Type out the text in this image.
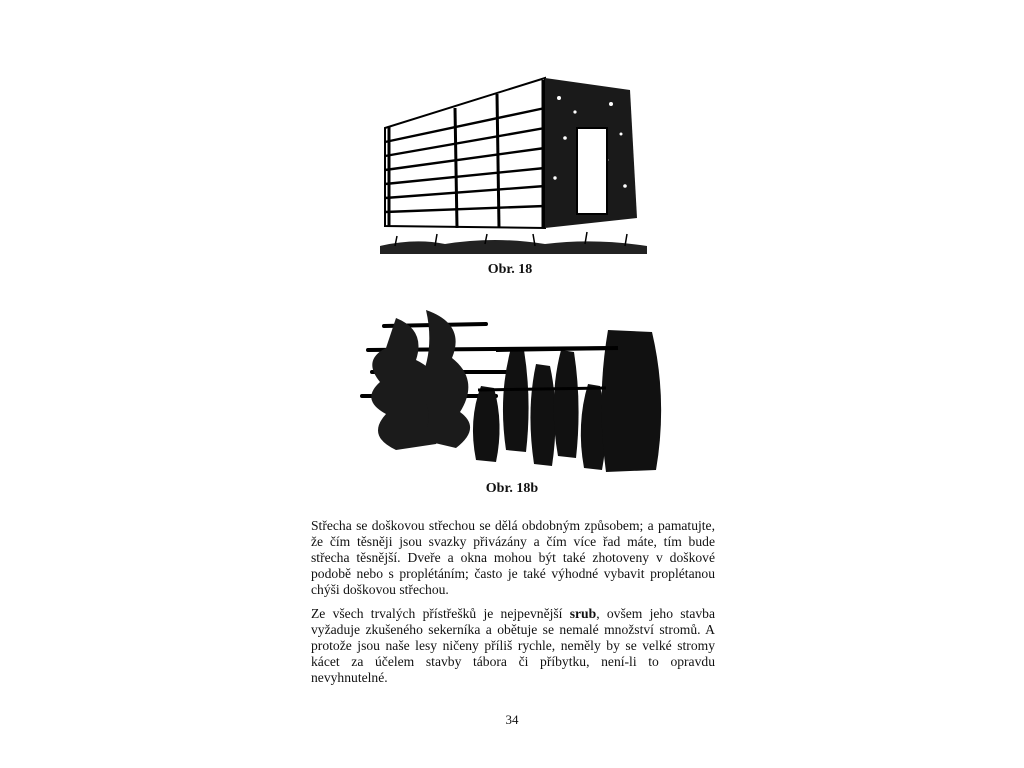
Obr. 18
Obr. 18b

Střecha se doškovou střechou se dělá obdobným způsobem; a pamatujte, že čím těsněji jsou svazky přivázány a čím více řad máte, tím bude střecha těsnější. Dveře a okna mohou být také zhotoveny v doškové podobě nebo s proplétáním; často je také výhodné vybavit proplétanou chýši doškovou střechou.

Ze všech trvalých přístřešků je nejpevnější srub, ovšem jeho stavba vyžaduje zkušeného sekerníka a obětuje se nemalé množství stromů. A protože jsou naše lesy ničeny příliš rychle, neměly by se velké stromy kácet za účelem stavby tábora či příbytku, není-li to opravdu nevyhnutelné.

34
